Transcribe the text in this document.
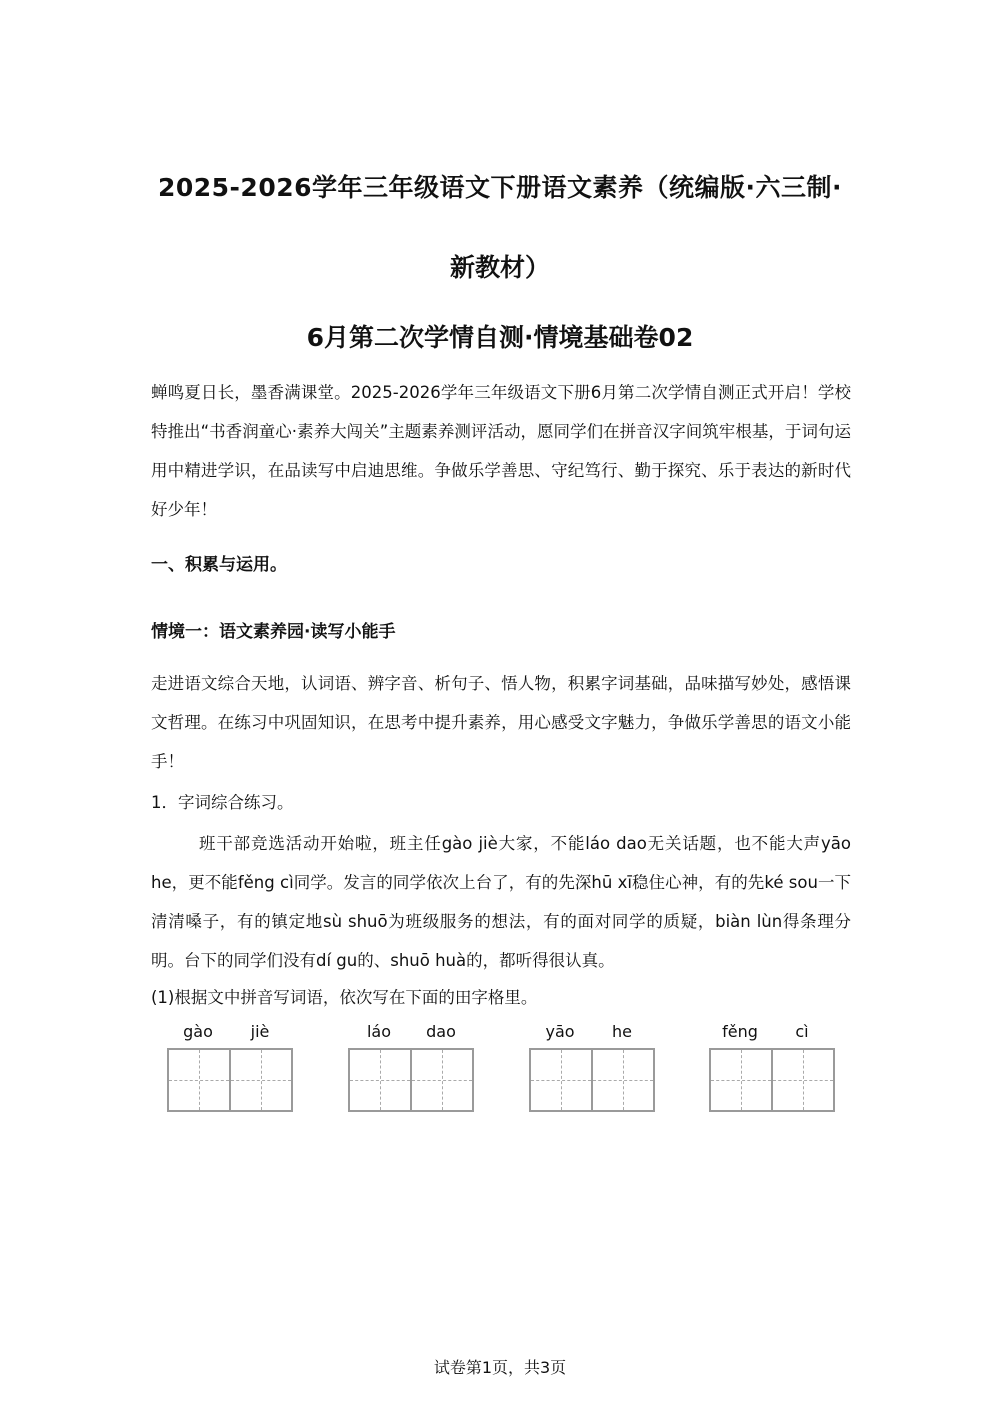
2025-2026学年三年级语文下册语文素养（统编版·六三制·
新教材）
6月第二次学情自测·情境基础卷02
蝉鸣夏日长，墨香满课堂。2025-2026学年三年级语文下册6月第二次学情自测正式开启！学校特推出“书香润童心·素养大闯关”主题素养测评活动，愿同学们在拼音汉字间筑牢根基，于词句运用中精进学识，在品读写中启迪思维。争做乐学善思、守纪笃行、勤于探究、乐于表达的新时代好少年！
一、积累与运用。
情境一：语文素养园·读写小能手
走进语文综合天地，认词语、辨字音、析句子、悟人物，积累字词基础，品味描写妙处，感悟课文哲理。在练习中巩固知识，在思考中提升素养，用心感受文字魅力，争做乐学善思的语文小能手！
1．字词综合练习。
班干部竞选活动开始啦，班主任gào jiè大家，不能láo dao无关话题，也不能大声yāo he，更不能fěng cì同学。发言的同学依次上台了，有的先深hū xī稳住心神，有的先ké sou一下清清嗓子，有的镇定地sù shuō为班级服务的想法，有的面对同学的质疑，biàn lùn得条理分明。台下的同学们没有dí gu的、shuō huà的，都听得很认真。
(1)根据文中拼音写词语，依次写在下面的田字格里。
gào	jiè	láo	dao	yāo	he	fěng	cì
试卷第1页，共3页
